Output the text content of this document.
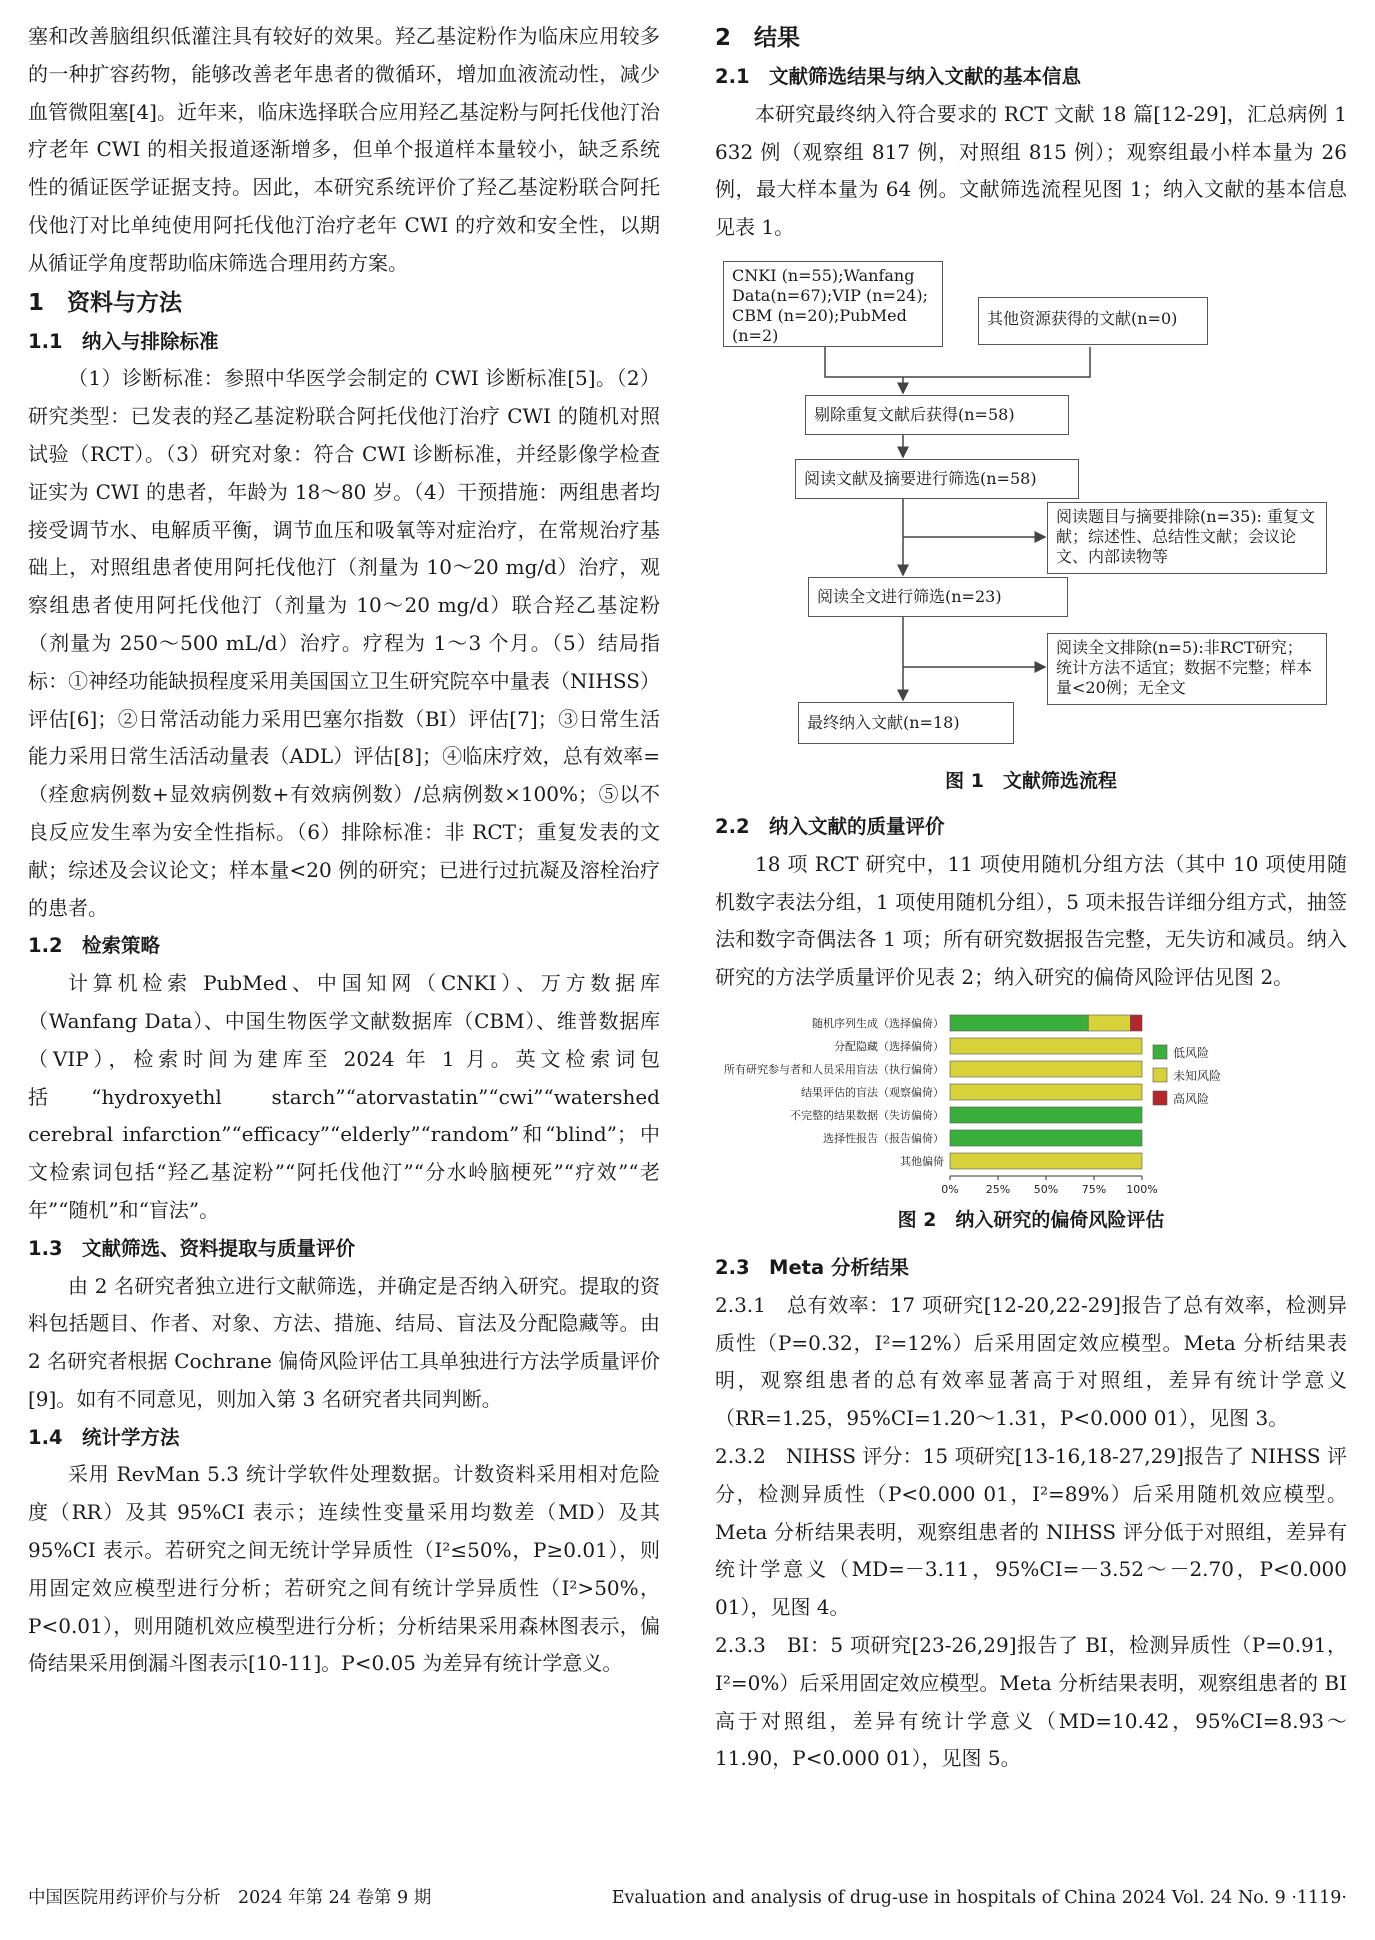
塞和改善脑组织低灌注具有较好的效果。羟乙基淀粉作为临床应用较多的一种扩容药物，能够改善老年患者的微循环，增加血液流动性，减少血管微阻塞[4]。近年来，临床选择联合应用羟乙基淀粉与阿托伐他汀治疗老年 CWI 的相关报道逐渐增多，但单个报道样本量较小，缺乏系统性的循证医学证据支持。因此，本研究系统评价了羟乙基淀粉联合阿托伐他汀对比单纯使用阿托伐他汀治疗老年 CWI 的疗效和安全性，以期从循证学角度帮助临床筛选合理用药方案。

1　资料与方法
1.1　纳入与排除标准

（1）诊断标准：参照中华医学会制定的 CWI 诊断标准[5]。（2）研究类型：已发表的羟乙基淀粉联合阿托伐他汀治疗 CWI 的随机对照试验（RCT）。（3）研究对象：符合 CWI 诊断标准，并经影像学检查证实为 CWI 的患者，年龄为 18～80 岁。（4）干预措施：两组患者均接受调节水、电解质平衡，调节血压和吸氧等对症治疗，在常规治疗基础上，对照组患者使用阿托伐他汀（剂量为 10～20 mg/d）治疗，观察组患者使用阿托伐他汀（剂量为 10～20 mg/d）联合羟乙基淀粉（剂量为 250～500 mL/d）治疗。疗程为 1～3 个月。（5）结局指标：①神经功能缺损程度采用美国国立卫生研究院卒中量表（NIHSS）评估[6]；②日常活动能力采用巴塞尔指数（BI）评估[7]；③日常生活能力采用日常生活活动量表（ADL）评估[8]；④临床疗效，总有效率=（痊愈病例数+显效病例数+有效病例数）/总病例数×100%；⑤以不良反应发生率为安全性指标。（6）排除标准：非 RCT；重复发表的文献；综述及会议论文；样本量<20 例的研究；已进行过抗凝及溶栓治疗的患者。

1.2　检索策略

计算机检索 PubMed、中国知网（CNKI）、万方数据库（Wanfang Data）、中国生物医学文献数据库（CBM）、维普数据库（VIP），检索时间为建库至 2024 年 1 月。英文检索词包括“hydroxyethl starch”“atorvastatin”“cwi”“watershed cerebral infarction”“efficacy”“elderly”“random”和“blind”；中文检索词包括“羟乙基淀粉”“阿托伐他汀”“分水岭脑梗死”“疗效”“老年”“随机”和“盲法”。

1.3　文献筛选、资料提取与质量评价

由 2 名研究者独立进行文献筛选，并确定是否纳入研究。提取的资料包括题目、作者、对象、方法、措施、结局、盲法及分配隐藏等。由 2 名研究者根据 Cochrane 偏倚风险评估工具单独进行方法学质量评价[9]。如有不同意见，则加入第 3 名研究者共同判断。

1.4　统计学方法

采用 RevMan 5.3 统计学软件处理数据。计数资料采用相对危险度（RR）及其 95%CI 表示；连续性变量采用均数差（MD）及其 95%CI 表示。若研究之间无统计学异质性（I²≤50%，P≥0.01），则用固定效应模型进行分析；若研究之间有统计学异质性（I²>50%，P<0.01），则用随机效应模型进行分析；分析结果采用森林图表示，偏倚结果采用倒漏斗图表示[10-11]。P<0.05 为差异有统计学意义。

2　结果
2.1　文献筛选结果与纳入文献的基本信息

本研究最终纳入符合要求的 RCT 文献 18 篇[12-29]，汇总病例 1 632 例（观察组 817 例，对照组 815 例）；观察组最小样本量为 26 例，最大样本量为 64 例。文献筛选流程见图 1；纳入文献的基本信息见表 1。

CNKI (n=55);Wanfang Data(n=67);VIP (n=24); CBM (n=20);PubMed (n=2)
其他资源获得的文献(n=0)
剔除重复文献后获得(n=58)
阅读文献及摘要进行筛选(n=58)
阅读题目与摘要排除(n=35): 重复文献；综述性、总结性文献；会议论文、内部读物等
阅读全文进行筛选(n=23)
阅读全文排除(n=5):非RCT研究；统计方法不适宜；数据不完整；样本量<20例；无全文
最终纳入文献(n=18)
图 1　文献筛选流程
2.2　纳入文献的质量评价

18 项 RCT 研究中，11 项使用随机分组方法（其中 10 项使用随机数字表法分组，1 项使用随机分组），5 项未报告详细分组方式，抽签法和数字奇偶法各 1 项；所有研究数据报告完整，无失访和减员。纳入研究的方法学质量评价见表 2；纳入研究的偏倚风险评估见图 2。

随机序列生成（选择偏倚）
分配隐藏（选择偏倚）
所有研究参与者和人员采用盲法（执行偏倚）
结果评估的盲法（观察偏倚）
不完整的结果数据（失访偏倚）
选择性报告（报告偏倚）
其他偏倚
0% 25% 50% 75% 100%
低风险
未知风险
高风险
图 2　纳入研究的偏倚风险评估
2.3　Meta 分析结果

2.3.1　总有效率：17 项研究[12-20,22-29]报告了总有效率，检测异质性（P=0.32，I²=12%）后采用固定效应模型。Meta 分析结果表明，观察组患者的总有效率显著高于对照组，差异有统计学意义（RR=1.25，95%CI=1.20～1.31，P<0.000 01），见图 3。

2.3.2　NIHSS 评分：15 项研究[13-16,18-27,29]报告了 NIHSS 评分，检测异质性（P<0.000 01，I²=89%）后采用随机效应模型。Meta 分析结果表明，观察组患者的 NIHSS 评分低于对照组，差异有统计学意义（MD=－3.11，95%CI=－3.52～－2.70，P<0.000 01），见图 4。

2.3.3　BI：5 项研究[23-26,29]报告了 BI，检测异质性（P=0.91，I²=0%）后采用固定效应模型。Meta 分析结果表明，观察组患者的 BI 高于对照组，差异有统计学意义（MD=10.42，95%CI=8.93～11.90，P<0.000 01），见图 5。

中国医院用药评价与分析　2024 年第 24 卷第 9 期	Evaluation and analysis of drug-use in hospitals of China 2024 Vol. 24 No. 9 ·1119·
